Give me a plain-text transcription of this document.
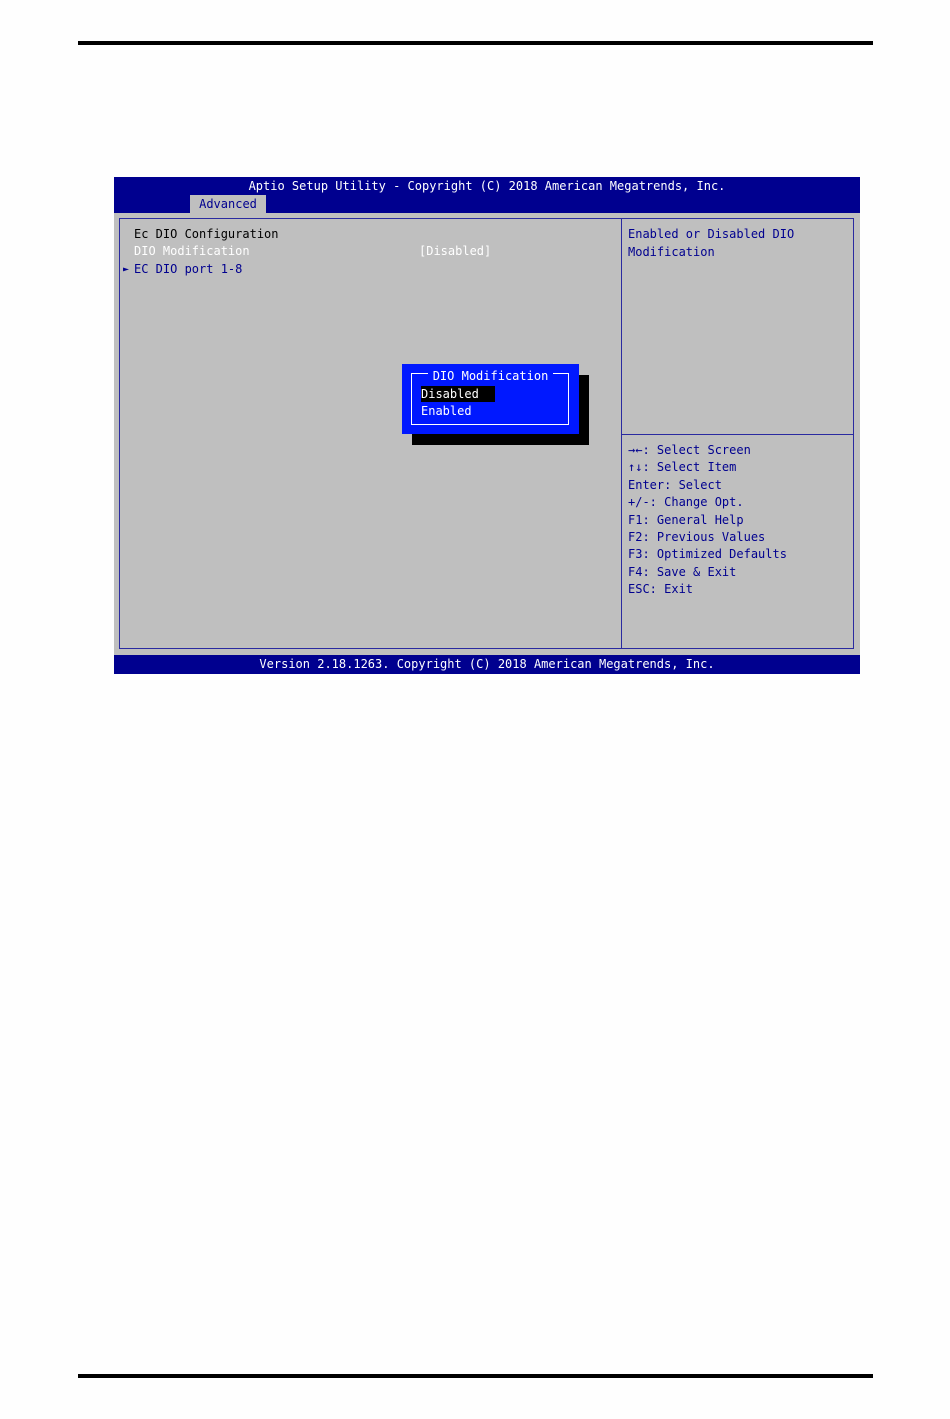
Aptio Setup Utility - Copyright (C) 2018 American Megatrends, Inc.
Advanced
Ec DIO Configuration
DIO Modification	[Disabled]
► EC DIO port 1-8
Enabled or Disabled DIO Modification
→←: Select Screen
↑↓: Select Item
Enter: Select
+/-: Change Opt.
F1: General Help
F2: Previous Values
F3: Optimized Defaults
F4: Save & Exit
ESC: Exit
DIO Modification
Disabled
Enabled
Version 2.18.1263. Copyright (C) 2018 American Megatrends, Inc.
